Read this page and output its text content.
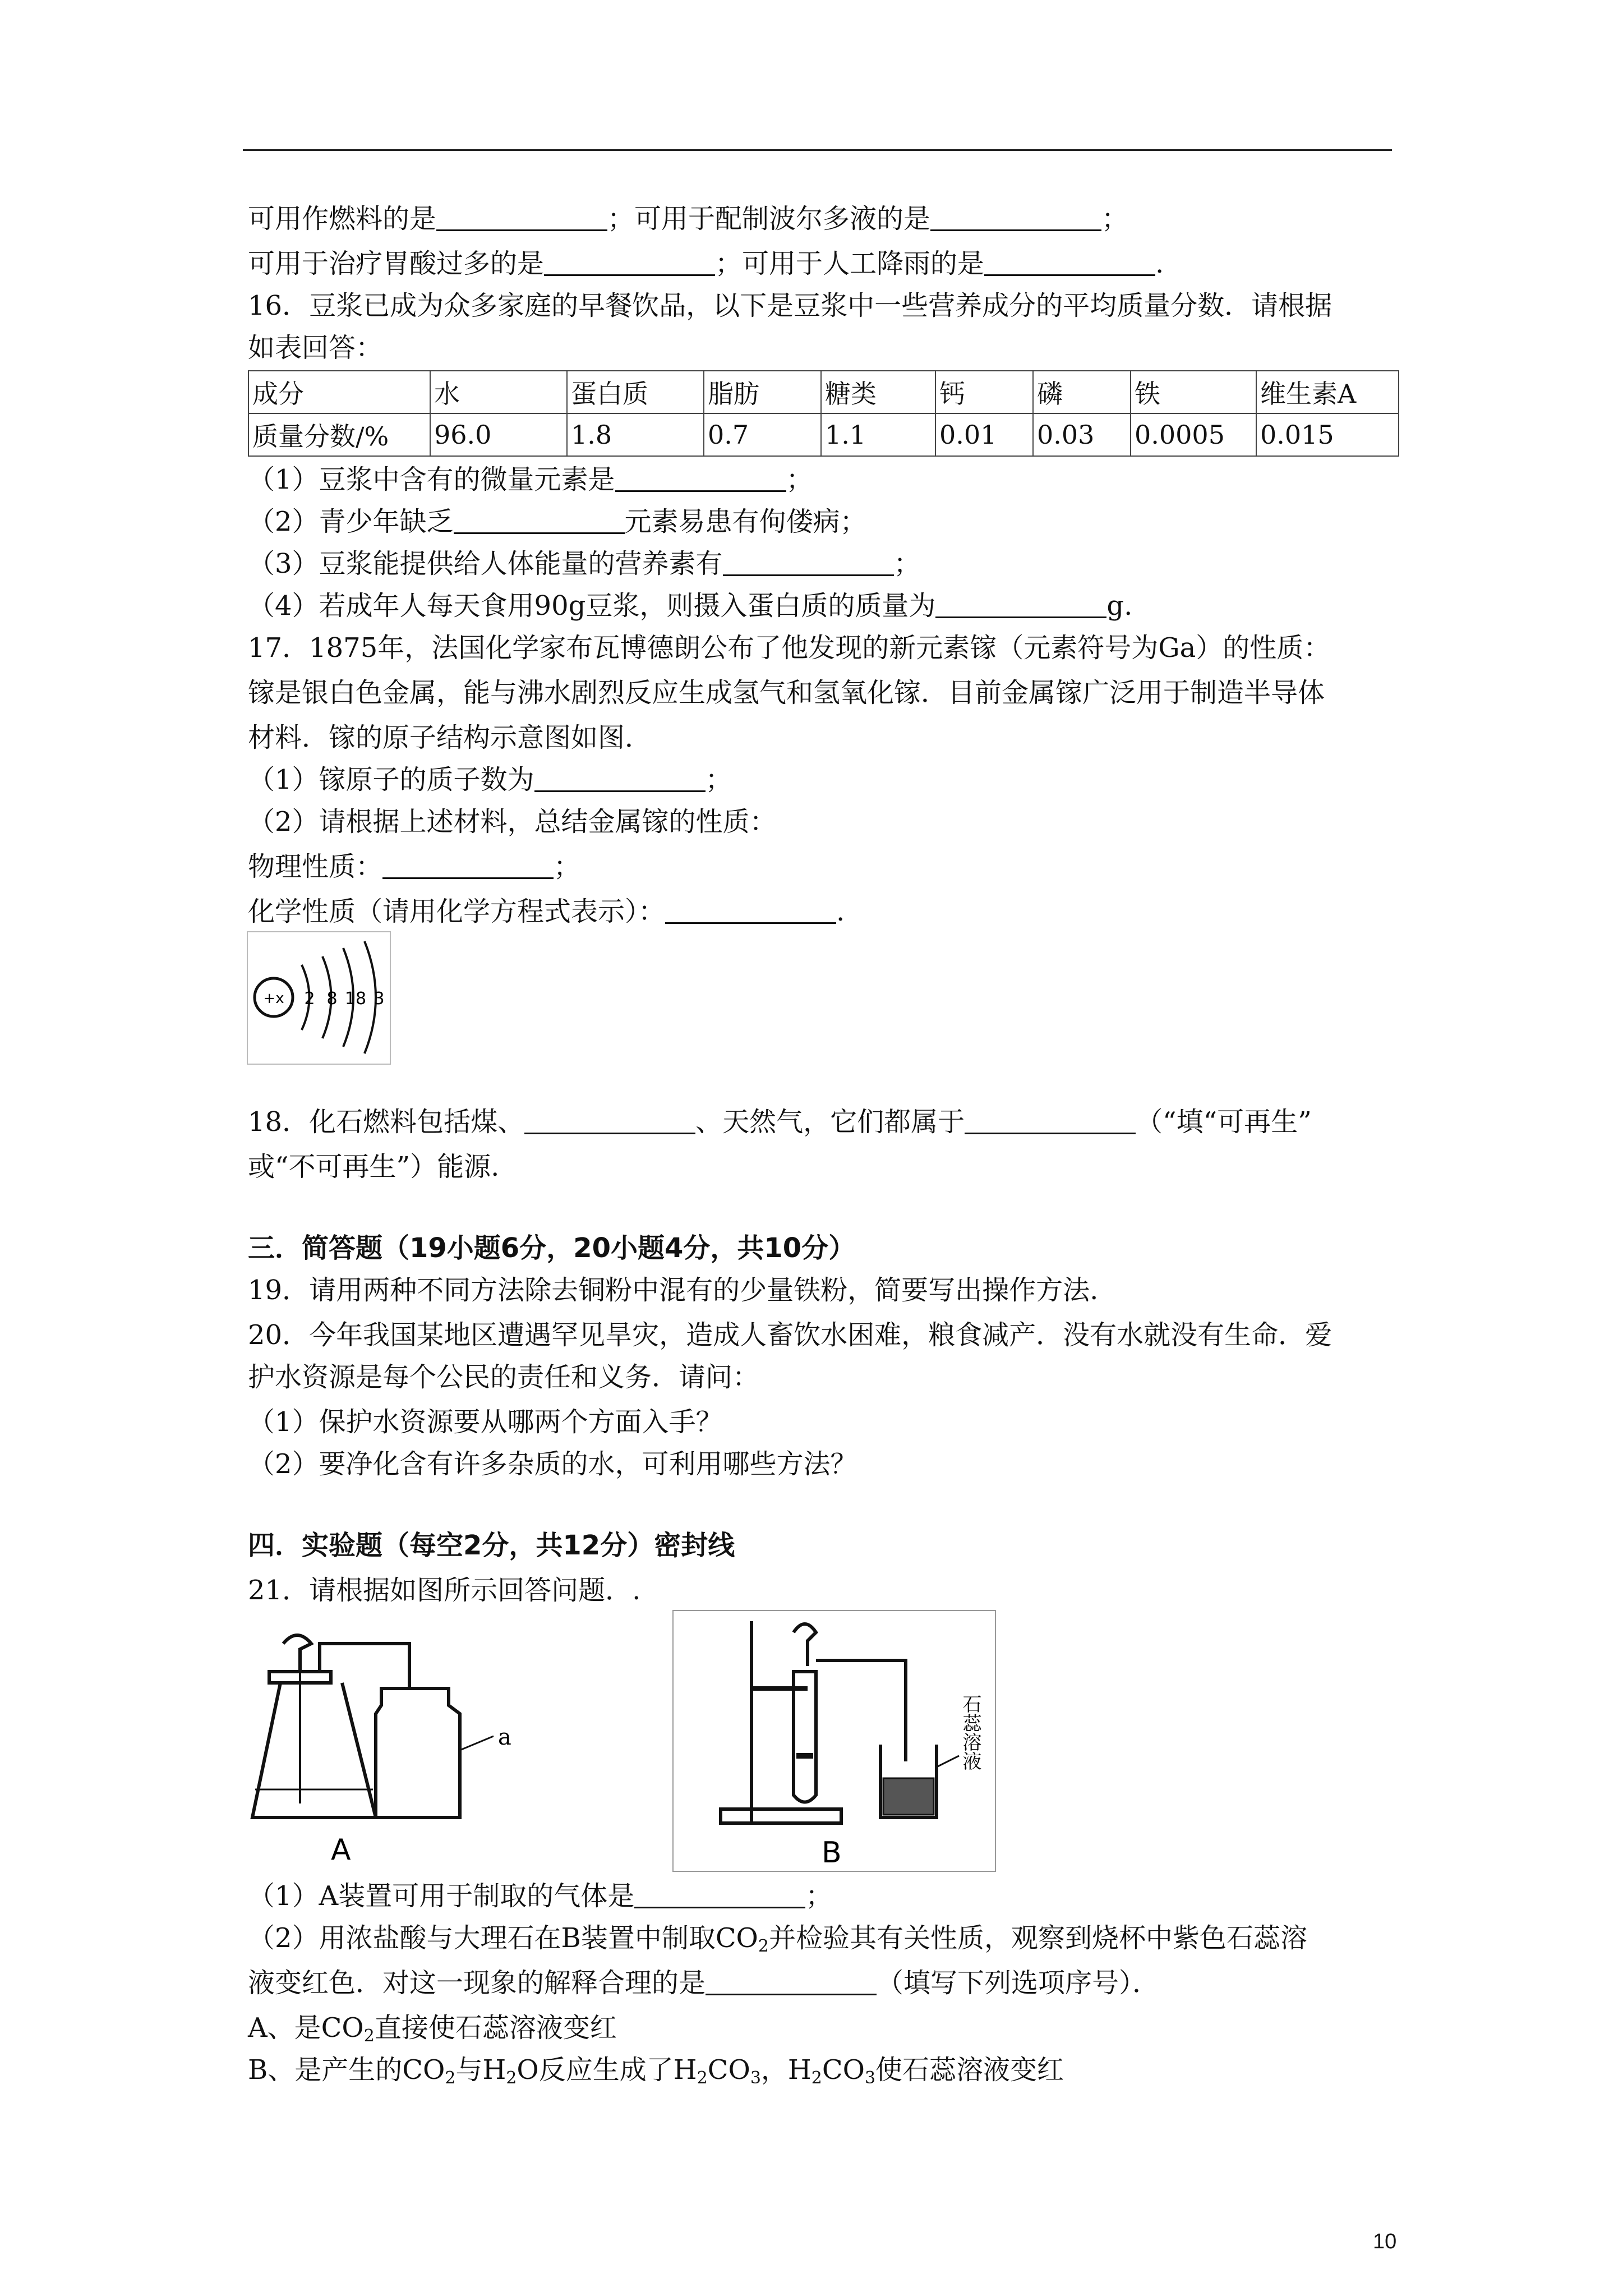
可用作燃料的是	；可用于配制波尔多液的是	；
可用于治疗胃酸过多的是	；可用于人工降雨的是	.
16．豆浆已成为众多家庭的早餐饮品，以下是豆浆中一些营养成分的平均质量分数．请根据
如表回答：
成分	水	蛋白质	脂肪	糖类	钙	磷	铁	维生素A
质量分数/%	96.0	1.8	0.7	1.1	0.01	0.03	0.0005	0.015
（1）豆浆中含有的微量元素是	；
（2）青少年缺乏	元素易患有佝偻病；
（3）豆浆能提供给人体能量的营养素有	；
（4）若成年人每天食用90g豆浆，则摄入蛋白质的质量为	g.
17．1875年，法国化学家布瓦博德朗公布了他发现的新元素镓（元素符号为Ga）的性质：
镓是银白色金属，能与沸水剧烈反应生成氢气和氢氧化镓．目前金属镓广泛用于制造半导体
材料．镓的原子结构示意图如图．
（1）镓原子的质子数为	；
（2）请根据上述材料，总结金属镓的性质：
物理性质：	；
化学性质（请用化学方程式表示）：	.
+x 2 8 18 3
18．化石燃料包括煤、	、天然气，它们都属于	（“填“可再生”
或“不可再生”）能源.
三．简答题（19小题6分，20小题4分，共10分）
19．请用两种不同方法除去铜粉中混有的少量铁粉，简要写出操作方法.
20．今年我国某地区遭遇罕见旱灾，造成人畜饮水困难，粮食减产．没有水就没有生命．爱
护水资源是每个公民的责任和义务．请问：
（1）保护水资源要从哪两个方面入手？
（2）要净化含有许多杂质的水，可利用哪些方法？
四．实验题（每空2分，共12分）密封线
21．请根据如图所示回答问题．.
a
A	B
石蕊溶液
（1）A装置可用于制取的气体是	；
（2）用浓盐酸与大理石在B装置中制取$CO_2$并检验其有关性质，观察到烧杯中紫色石蕊溶
液变红色．对这一现象的解释合理的是	（填写下列选项序号）．
A、是$CO_2$直接使石蕊溶液变红
B、是产生的$CO_2$与$H_2O$反应生成了$H_2CO_3$，$H_2CO_3$使石蕊溶液变红
10
